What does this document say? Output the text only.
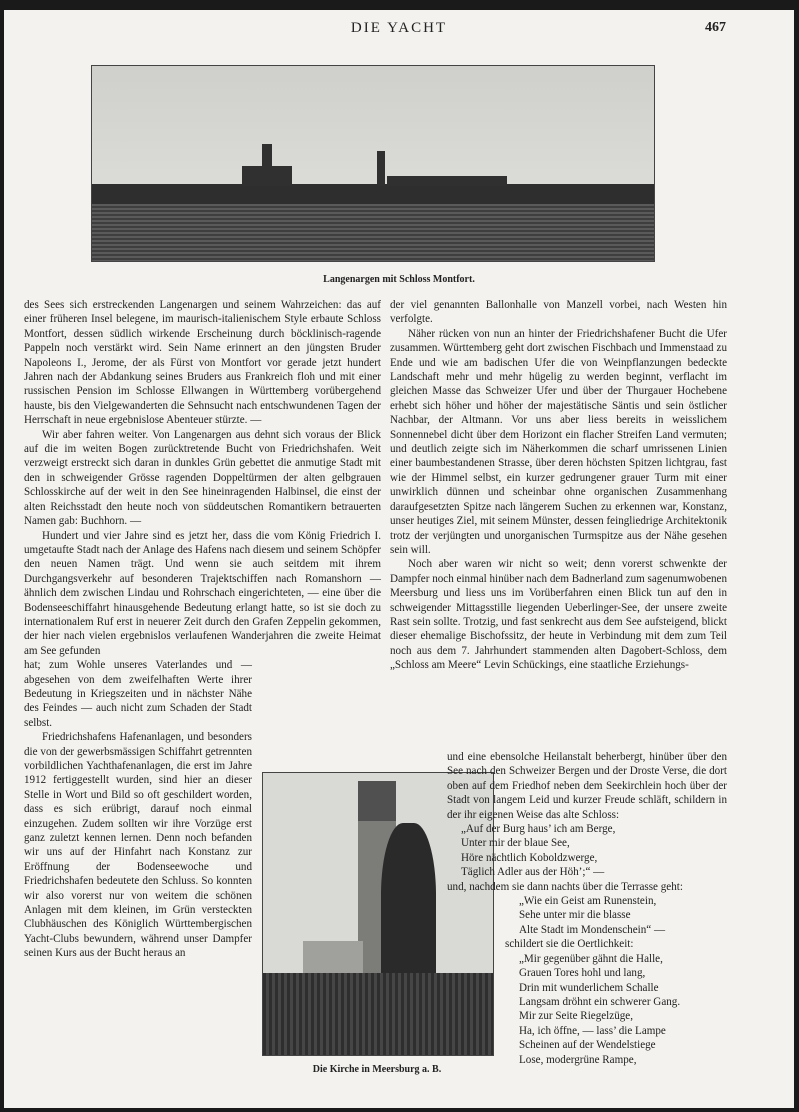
DIE YACHT	467
Langenargen mit Schloss Montfort.

des Sees sich erstreckenden Langenargen und seinem Wahrzeichen: das auf einer früheren Insel belegene, im maurisch-italienischem Style erbaute Schloss Montfort, dessen südlich wirkende Erscheinung durch böcklinisch-ragende Pappeln noch verstärkt wird. Sein Name erinnert an den jüngsten Bruder Napoleons I., Jerome, der als Fürst von Montfort vor gerade jetzt hundert Jahren nach der Abdankung seines Bruders aus Frankreich floh und mit einer russischen Pension im Schlosse Ellwangen in Württemberg vorübergehend hauste, bis den Vielgewanderten die Sehnsucht nach entschwundenen Tagen der Herrschaft in neue ergebnislose Abenteuer stürzte. —

Wir aber fahren weiter. Von Langenargen aus dehnt sich voraus der Blick auf die im weiten Bogen zurücktretende Bucht von Friedrichshafen. Weit verzweigt erstreckt sich daran in dunkles Grün gebettet die anmutige Stadt mit den in schweigender Grösse ragenden Doppeltürmen der alten gelbgrauen Schlosskirche auf der weit in den See hineinragenden Halbinsel, die einst der alten Reichsstadt den heute noch von süddeutschen Romantikern betrauerten Namen gab: Buchhorn. —

Hundert und vier Jahre sind es jetzt her, dass die vom König Friedrich I. umgetaufte Stadt nach der Anlage des Hafens nach diesem und seinem Schöpfer den neuen Namen trägt. Und wenn sie auch seitdem mit ihrem Durchgangsverkehr auf besonderen Trajektschiffen nach Romanshorn — ähnlich dem zwischen Lindau und Rohrschach eingerichteten, — eine über die Bodenseeschiffahrt hinausgehende Bedeutung erlangt hatte, so ist sie doch zu internationalem Ruf erst in neuerer Zeit durch den Grafen Zeppelin gekommen, der hier nach vielen ergebnislos verlaufenen Wanderjahren die zweite Heimat am See gefunden

hat; zum Wohle unseres Vaterlandes und — abgesehen von dem zweifelhaften Werte ihrer Bedeutung in Kriegszeiten und in nächster Nähe des Feindes — auch nicht zum Schaden der Stadt selbst.

Friedrichshafens Hafenanlagen, und besonders die von der gewerbsmässigen Schiffahrt getrennten vorbildlichen Yachthafenanlagen, die erst im Jahre 1912 fertiggestellt wurden, sind hier an dieser Stelle in Wort und Bild so oft geschildert worden, dass es sich erübrigt, darauf noch einmal einzugehen. Zudem sollten wir ihre Vorzüge erst ganz zuletzt kennen lernen. Denn noch befanden wir uns auf der Hinfahrt nach Konstanz zur Eröffnung der Bodenseewoche und Friedrichshafen bedeutete den Schluss. So konnten wir also vorerst nur von weitem die schönen Anlagen mit dem kleinen, im Grün versteckten Clubhäuschen des Königlich Württembergischen Yacht-Clubs bewundern, während unser Dampfer seinen Kurs aus der Bucht heraus an

der viel genannten Ballonhalle von Manzell vorbei, nach Westen hin verfolgte.

Näher rücken von nun an hinter der Friedrichshafener Bucht die Ufer zusammen. Württemberg geht dort zwischen Fischbach und Immenstaad zu Ende und wie am badischen Ufer die von Weinpflanzungen bedeckte Landschaft mehr und mehr hügelig zu werden beginnt, verflacht im gleichen Masse das Schweizer Ufer und über der Thurgauer Hochebene erhebt sich höher und höher der majestätische Säntis und sein östlicher Nachbar, der Altmann. Vor uns aber liess bereits in weisslichem Sonnennebel dicht über dem Horizont ein flacher Streifen Land vermuten; und deutlich zeigte sich im Näherkommen die scharf umrissenen Linien einer baumbestandenen Strasse, über deren höchsten Spitzen lichtgrau, fast wie der Himmel selbst, ein kurzer gedrungener grauer Turm mit einer unwirklich dünnen und scheinbar ohne organischen Zusammenhang daraufgesetzten Spitze nach längerem Suchen zu erkennen war, Konstanz, unser heutiges Ziel, mit seinem Münster, dessen feingliedrige Architektonik trotz der verjüngten und unorganischen Turmspitze aus der Nähe gesehen sein will.

Noch aber waren wir nicht so weit; denn vorerst schwenkte der Dampfer noch einmal hinüber nach dem Badnerland zum sagenumwobenen Meersburg und liess uns im Vorüberfahren einen Blick tun auf den in schweigender Mittagsstille liegenden Ueberlinger-See, der unsere zweite Rast sein sollte. Trotzig, und fast senkrecht aus dem See aufsteigend, blickt dieser ehemalige Bischofssitz, der heute in Verbindung mit dem zum Teil noch aus dem 7. Jahrhundert stammenden alten Dagobert-Schloss, dem „Schloss am Meere“ Levin Schückings, eine staatliche Erziehungs-

Die Kirche in Meersburg a. B.

und eine ebensolche Heilanstalt beherbergt, hinüber über den See nach den Schweizer Bergen und der Droste Verse, die dort oben auf dem Friedhof neben dem Seekirchlein hoch über der Stadt von langem Leid und kurzer Freude schläft, schildern in der ihr eigenen Weise das alte Schloss:

„Auf der Burg haus’ ich am Berge,
Unter mir der blaue See,
Höre nächtlich Koboldzwerge,
Täglich Adler aus der Höh’;“ —

und, nachdem sie dann nachts über die Terrasse geht:

„Wie ein Geist am Runenstein,
Sehe unter mir die blasse
Alte Stadt im Mondenschein“ —

schildert sie die Oertlichkeit:

„Mir gegenüber gähnt die Halle,
Grauen Tores hohl und lang,
Drin mit wunderlichem Schalle
Langsam dröhnt ein schwerer Gang.
Mir zur Seite Riegelzüge,
Ha, ich öffne, — lass’ die Lampe
Scheinen auf der Wendelstiege
Lose, modergrüne Rampe,
